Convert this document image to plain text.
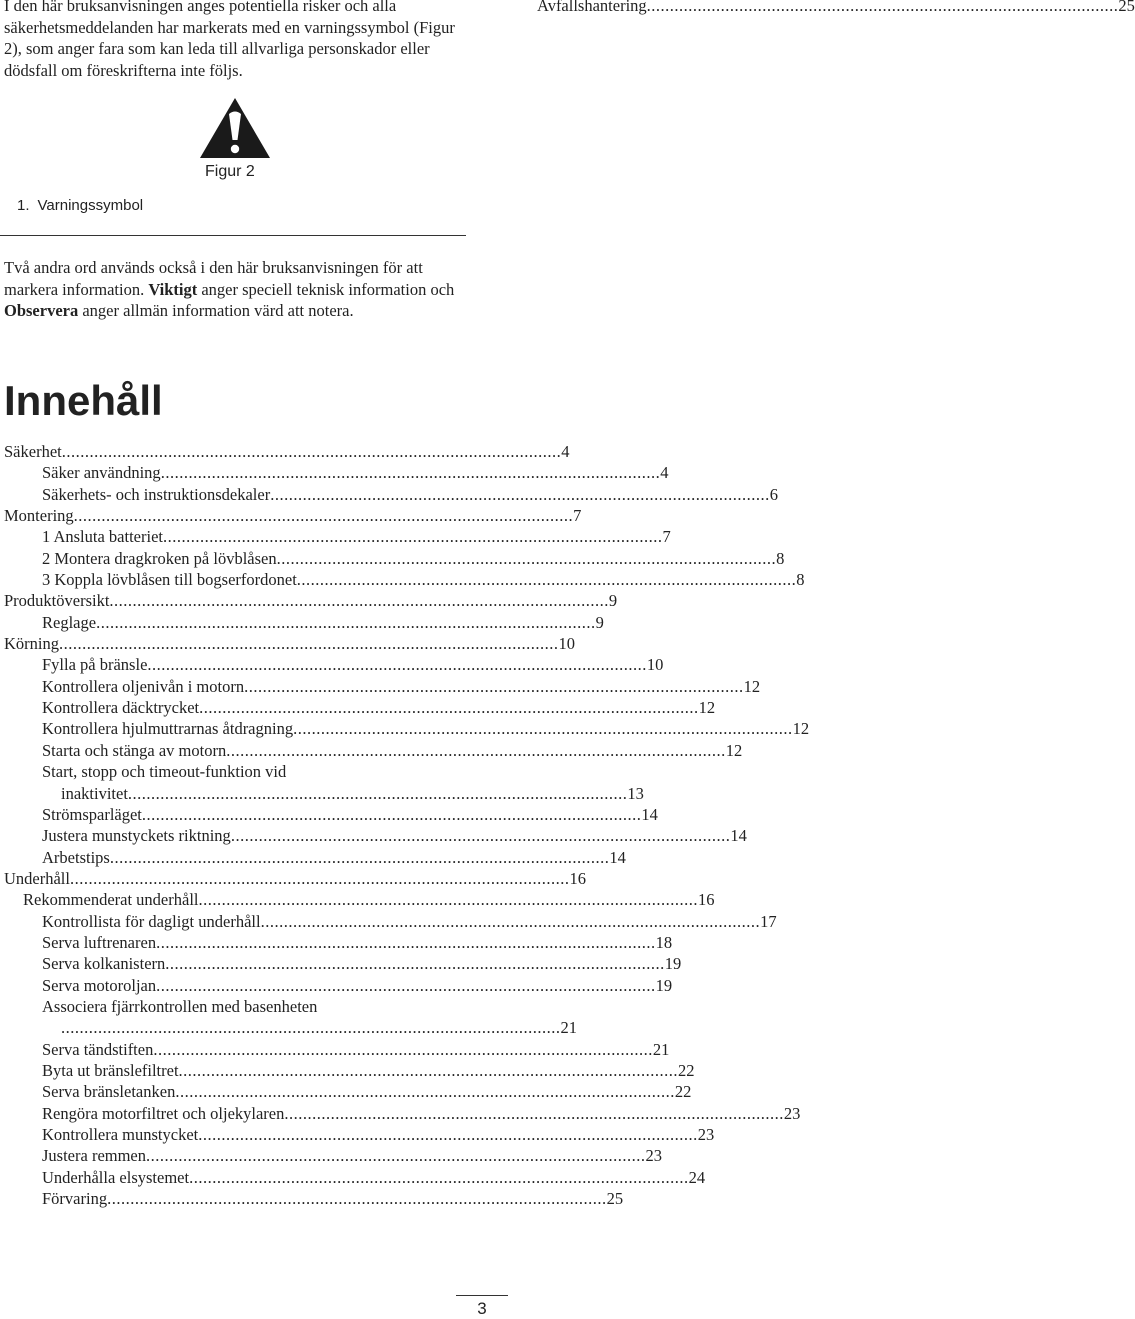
I den här bruksanvisningen anges potentiella risker och alla säkerhetsmeddelanden har markerats med en varningssymbol (Figur 2), som anger fara som kan leda till allvarliga personskador eller dödsfall om föreskrifterna inte följs.

Avfallshantering ...................................................................................................... 25
Figur 2
1. Varningssymbol

Två andra ord används också i den här bruksanvisningen för att markera information. Viktigt anger speciell teknisk information och Observera anger allmän information värd att notera.

Innehåll
Säkerhet ............................................................................................................ 4
Säker användning ............................................................................................................ 4
Säkerhets- och instruktionsdekaler ............................................................................................................ 6
Montering ............................................................................................................ 7
1 Ansluta batteriet ............................................................................................................ 7
2 Montera dragkroken på lövblåsen ............................................................................................................ 8
3 Koppla lövblåsen till bogserfordonet ............................................................................................................ 8
Produktöversikt ............................................................................................................ 9
Reglage ............................................................................................................ 9
Körning ............................................................................................................ 10
Fylla på bränsle ............................................................................................................ 10
Kontrollera oljenivån i motorn ............................................................................................................ 12
Kontrollera däcktrycket ............................................................................................................ 12
Kontrollera hjulmuttrarnas åtdragning ............................................................................................................ 12
Starta och stänga av motorn ............................................................................................................ 12
Start, stopp och timeout-funktion vid
inaktivitet ............................................................................................................ 13
Strömsparläget ............................................................................................................ 14
Justera munstyckets riktning ............................................................................................................ 14
Arbetstips ............................................................................................................ 14
Underhåll ............................................................................................................ 16
Rekommenderat underhåll ............................................................................................................ 16
Kontrollista för dagligt underhåll ............................................................................................................ 17
Serva luftrenaren ............................................................................................................ 18
Serva kolkanistern ............................................................................................................ 19
Serva motoroljan ............................................................................................................ 19
Associera fjärrkontrollen med basenheten
............................................................................................................ 21
Serva tändstiften ............................................................................................................ 21
Byta ut bränslefiltret ............................................................................................................ 22
Serva bränsletanken ............................................................................................................ 22
Rengöra motorfiltret och oljekylaren ............................................................................................................ 23
Kontrollera munstycket ............................................................................................................ 23
Justera remmen ............................................................................................................ 23
Underhålla elsystemet ............................................................................................................ 24
Förvaring ............................................................................................................ 25
3
